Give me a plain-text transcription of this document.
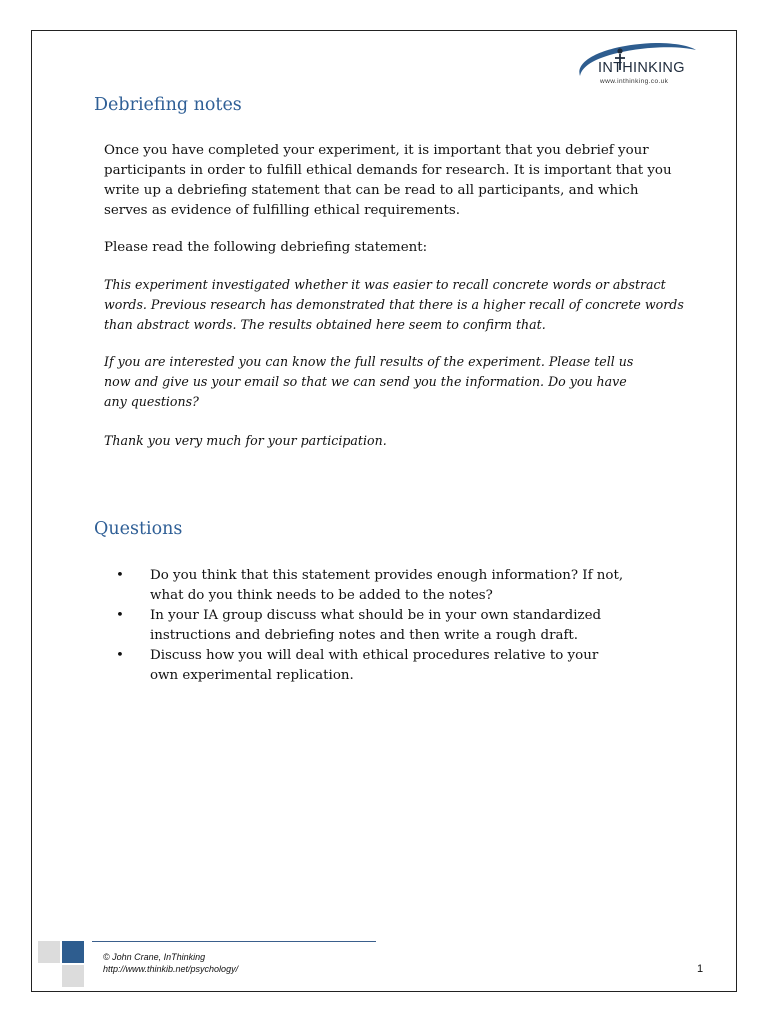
INTHINKING
www.inthinking.co.uk
Debriefing notes

Once you have completed your experiment, it is important that you debrief your
participants in order to fulfill ethical demands for research. It is important that you
write up a debriefing statement that can be read to all participants, and which
serves as evidence of fulfilling ethical requirements.

Please read the following debriefing statement:

This experiment investigated whether it was easier to recall concrete words or abstract
words. Previous research has demonstrated that there is a higher recall of concrete words
than abstract words. The results obtained here seem to confirm that.

If you are interested you can know the full results of the experiment. Please tell us
now and give us your email so that we can send you the information. Do you have
any questions?

Thank you very much for your participation.

Questions
• Do you think that this statement provides enough information? If not,
what do you think needs to be added to the notes?
• In your IA group discuss what should be in your own standardized
instructions and debriefing notes and then write a rough draft.
• Discuss how you will deal with ethical procedures relative to your
own experimental replication.
© John Crane, InThinking
http://www.thinkib.net/psychology/	1
